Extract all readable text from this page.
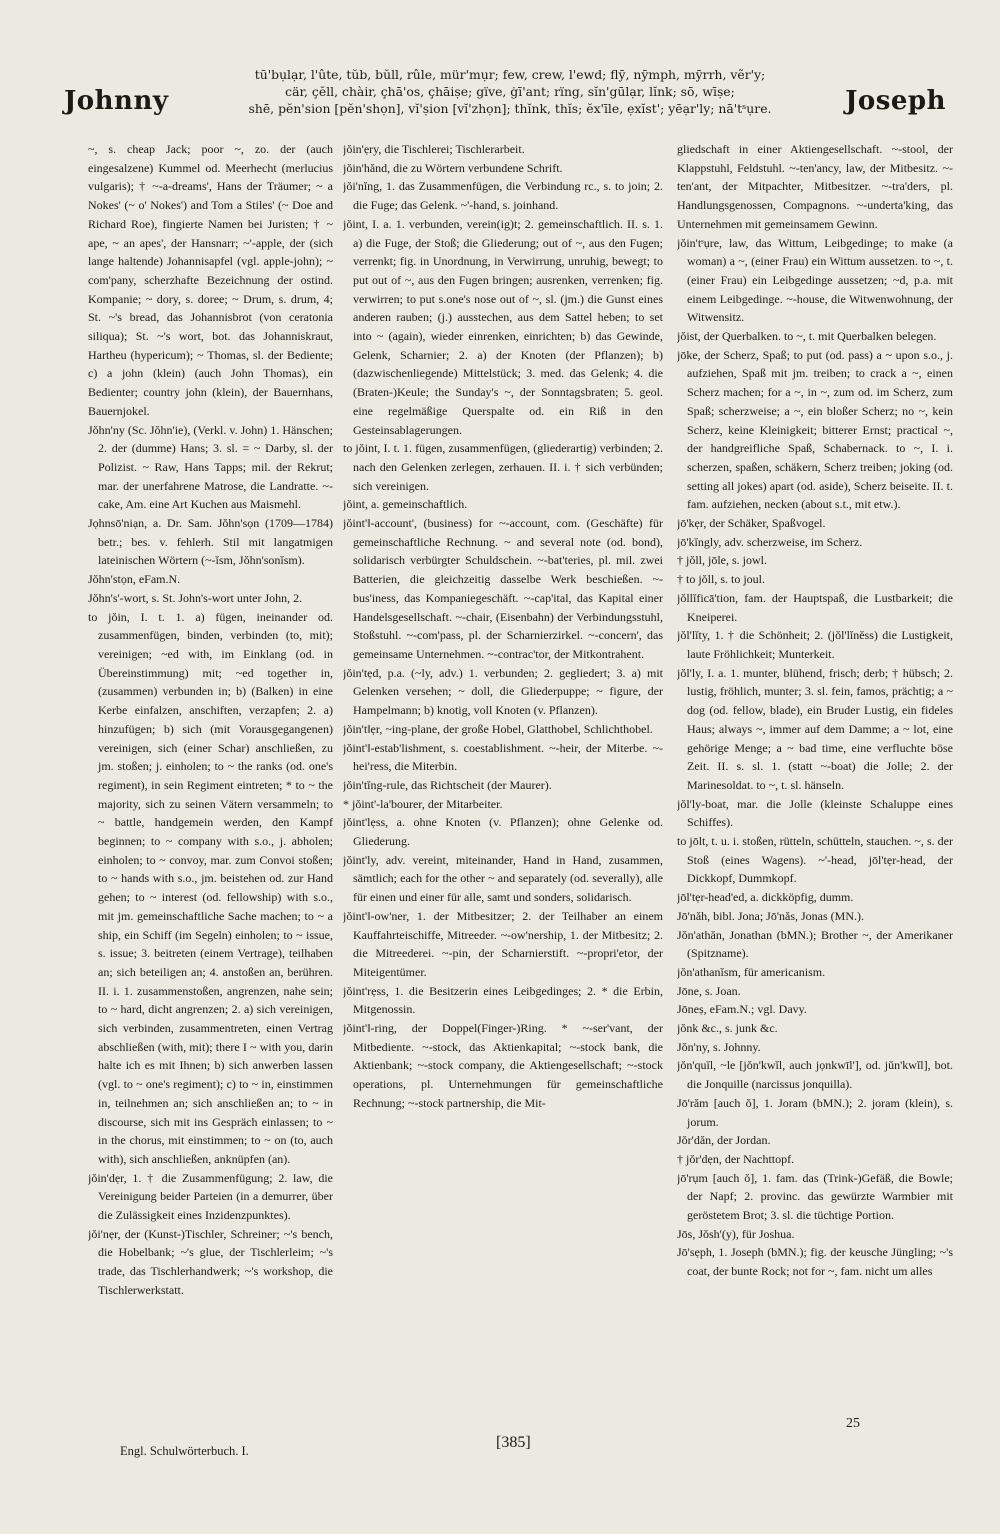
Johnny
tū'bụlạr, l'ûte, tŭb, bŭll, rûle, mür'mụr; few, crew, l'ewd; flȳ, nȳmph, mȳrrh, vẽr'y;
cär, çĕll, chàir, çhā'os, çhāiṣe; gïve, ġī'ant; rïng, sĭn'gūlạr, lĭnk; sō, wīṣe;
shē, pĕn'sion [pĕn'shọn], vĭ'ṣion [vĭ'zhọn]; thĭnk, thĭs; ĕx'īle, ẹxĭst'; yēạr'ly; nā'tˢụre.	Joseph

~, s. cheap Jack; poor ~, zo. der (auch eingesalzene) Kummel od. Meerhecht (merlucius vulgaris); † ~-a-dreams', Hans der Träumer; ~ a Nokes' (~ o' Nokes') and Tom a Stiles' (~ Doe and Richard Roe), fingierte Namen bei Juristen; † ~ ape, ~ an apes', der Hansnarr; ~'-apple, der (sich lange haltende) Johannisapfel (vgl. apple-john); ~ com'pany, scherzhafte Bezeichnung der ostind. Kompanie; ~ dory, s. doree; ~ Drum, s. drum, 4; St. ~'s bread, das Johannisbrot (von ceratonia siliqua); St. ~'s wort, bot. das Johanniskraut, Hartheu (hypericum); ~ Thomas, sl. der Bediente; c) a john (klein) (auch John Thomas), ein Bedienter; country john (klein), der Bauernhans, Bauernjokel.

Jŏhn'ny (Sc. Jŏhn'ie), (Verkl. v. John) 1. Hänschen; 2. der (dumme) Hans; 3. sl. = ~ Darby, sl. der Polizist. ~ Raw, Hans Tapps; mil. der Rekrut; mar. der unerfahrene Matrose, die Landratte. ~-cake, Am. eine Art Kuchen aus Maismehl.

Jọhnsō'niạn, a. Dr. Sam. Jŏhn'sọn (1709—1784) betr.; bes. v. fehlerh. Stil mit langatmigen lateinischen Wörtern (~-ĭsm, Jŏhn'sonĭsm).

Jŏhn'stọn, eFam.N.

Jŏhn's'-wort, s. St. John's-wort unter John, 2.

to jŏin, I. t. 1. a) fügen, ineinander od. zusammenfügen, binden, verbinden (to, mit); vereinigen; ~ed with, im Einklang (od. in Übereinstimmung) mit; ~ed together in, (zusammen) verbunden in; b) (Balken) in eine Kerbe einfalzen, anschiften, verzapfen; 2. a) hinzufügen; b) sich (mit Vorausgegangenen) vereinigen, sich (einer Schar) anschließen, zu jm. stoßen; j. einholen; to ~ the ranks (od. one's regiment), in sein Regiment eintreten; * to ~ the majority, sich zu seinen Vätern versammeln; to ~ battle, handgemein werden, den Kampf beginnen; to ~ company with s.o., j. abholen; einholen; to ~ convoy, mar. zum Convoi stoßen; to ~ hands with s.o., jm. beistehen od. zur Hand gehen; to ~ interest (od. fellowship) with s.o., mit jm. gemeinschaftliche Sache machen; to ~ a ship, ein Schiff (im Segeln) einholen; to ~ issue, s. issue; 3. beitreten (einem Vertrage), teilhaben an; sich beteiligen an; 4. anstoßen an, berühren. II. i. 1. zusammenstoßen, angrenzen, nahe sein; to ~ hard, dicht angrenzen; 2. a) sich vereinigen, sich verbinden, zusammentreten, einen Vertrag abschließen (with, mit); there I ~ with you, darin halte ich es mit Ihnen; b) sich anwerben lassen (vgl. to ~ one's regiment); c) to ~ in, einstimmen in, teilnehmen an; sich anschließen an; to ~ in discourse, sich mit ins Gespräch einlassen; to ~ in the chorus, mit einstimmen; to ~ on (to, auch with), sich anschließen, anknüpfen (an).

jŏin'dẹr, 1. † die Zusammenfügung; 2. law, die Vereinigung beider Parteien (in a demurrer, über die Zulässigkeit eines Inzidenzpunktes).

jŏi'nẹr, der (Kunst-)Tischler, Schreiner; ~'s bench, die Hobelbank; ~'s glue, der Tischlerleim; ~'s trade, das Tischlerhandwerk; ~'s workshop, die Tischlerwerkstatt.

jŏin'ẹry, die Tischlerei; Tischlerarbeit.

jŏin'hănd, die zu Wörtern verbundene Schrift.

jŏi'nĭng, 1. das Zusammenfügen, die Verbindung rc., s. to join; 2. die Fuge; das Gelenk. ~'-hand, s. joinhand.

jŏint, I. a. 1. verbunden, verein(ig)t; 2. gemeinschaftlich. II. s. 1. a) die Fuge, der Stoß; die Gliederung; out of ~, aus den Fugen; verrenkt; fig. in Unordnung, in Verwirrung, unruhig, bewegt; to put out of ~, aus den Fugen bringen; ausrenken, verrenken; fig. verwirren; to put s.one's nose out of ~, sl. (jm.) die Gunst eines anderen rauben; (j.) ausstechen, aus dem Sattel heben; to set into ~ (again), wieder einrenken, einrichten; b) das Gewinde, Gelenk, Scharnier; 2. a) der Knoten (der Pflanzen); b) (dazwischenliegende) Mittelstück; 3. med. das Gelenk; 4. die (Braten-)Keule; the Sunday's ~, der Sonntagsbraten; 5. geol. eine regelmäßige Querspalte od. ein Riß in den Gesteinsablagerungen.

to jŏint, I. t. 1. fügen, zusammenfügen, (gliederartig) verbinden; 2. nach den Gelenken zerlegen, zerhauen. II. i. † sich verbünden; sich vereinigen.

jŏint, a. gemeinschaftlich.

jŏint'‖-account', (business) for ~-account, com. (Geschäfte) für gemeinschaftliche Rechnung. ~ and several note (od. bond), solidarisch verbürgter Schuldschein. ~-bat'teries, pl. mil. zwei Batterien, die gleichzeitig dasselbe Werk beschießen. ~-bus'iness, das Kompaniegeschäft. ~-cap'ital, das Kapital einer Handelsgesellschaft. ~-chair, (Eisenbahn) der Verbindungsstuhl, Stoßstuhl. ~-com'pass, pl. der Scharnierzirkel. ~-concern', das gemeinsame Unternehmen. ~-contrac'tor, der Mitkontrahent.

jŏin'tẹd, p.a. (~ly, adv.) 1. verbunden; 2. gegliedert; 3. a) mit Gelenken versehen; ~ doll, die Gliederpuppe; ~ figure, der Hampelmann; b) knotig, voll Knoten (v. Pflanzen).

jŏin't‖ẹr, ~ing-plane, der große Hobel, Glatthobel, Schlichthobel.

jŏint'‖-estab'lishment, s. coestablishment. ~-heir, der Miterbe. ~-hei'ress, die Miterbin.

jŏin'tĭng-rule, das Richtscheit (der Maurer).

* jŏint'-la'bourer, der Mitarbeiter.

jŏint'lẹss, a. ohne Knoten (v. Pflanzen); ohne Gelenke od. Gliederung.

jŏint'ly, adv. vereint, miteinander, Hand in Hand, zusammen, sämtlich; each for the other ~ and separately (od. severally), alle für einen und einer für alle, samt und sonders, solidarisch.

jŏint'‖-ow'ner, 1. der Mitbesitzer; 2. der Teilhaber an einem Kauffahrteischiffe, Mitreeder. ~-ow'nership, 1. der Mitbesitz; 2. die Mitreederei. ~-pin, der Scharnierstift. ~-propri'etor, der Miteigentümer.

jŏint'rẹss, 1. die Besitzerin eines Leibgedinges; 2. * die Erbin, Mitgenossin.

jŏint'‖-ring, der Doppel(Finger-)Ring. * ~-ser'vant, der Mitbediente. ~-stock, das Aktienkapital; ~-stock bank, die Aktienbank; ~-stock company, die Aktiengesellschaft; ~-stock operations, pl. Unternehmungen für gemeinschaftliche Rechnung; ~-stock partnership, die Mit-

gliedschaft in einer Aktiengesellschaft. ~-stool, der Klappstuhl, Feldstuhl. ~-ten'ancy, law, der Mitbesitz. ~-ten'ant, der Mitpachter, Mitbesitzer. ~-tra'ders, pl. Handlungsgenossen, Compagnons. ~-underta'king, das Unternehmen mit gemeinsamem Gewinn.

jŏin'tˢụre, law, das Wittum, Leibgedinge; to make (a woman) a ~, (einer Frau) ein Wittum aussetzen. to ~, t. (einer Frau) ein Leibgedinge aussetzen; ~d, p.a. mit einem Leibgedinge. ~-house, die Witwenwohnung, der Witwensitz.

jŏist, der Querbalken. to ~, t. mit Querbalken belegen.

jōke, der Scherz, Spaß; to put (od. pass) a ~ upon s.o., j. aufziehen, Spaß mit jm. treiben; to crack a ~, einen Scherz machen; for a ~, in ~, zum od. im Scherz, zum Spaß; scherzweise; a ~, ein bloßer Scherz; no ~, kein Scherz, keine Kleinigkeit; bitterer Ernst; practical ~, der handgreifliche Spaß, Schabernack. to ~, I. i. scherzen, spaßen, schäkern, Scherz treiben; joking (od. setting all jokes) apart (od. aside), Scherz beiseite. II. t. fam. aufziehen, necken (about s.t., mit etw.).

jō'kẹr, der Schäker, Spaßvogel.

jō'kĭngly, adv. scherzweise, im Scherz.

† jŏll, jōle, s. jowl.

† to jŏll, s. to joul.

jŏllĭficā'tion, fam. der Hauptspaß, die Lustbarkeit; die Kneiperei.

jŏl'lĭty, 1. † die Schönheit; 2. (jŏl'lĭnĕss) die Lustigkeit, laute Fröhlichkeit; Munterkeit.

jŏl'ly, I. a. 1. munter, blühend, frisch; derb; † hübsch; 2. lustig, fröhlich, munter; 3. sl. fein, famos, prächtig; a ~ dog (od. fellow, blade), ein Bruder Lustig, ein fideles Haus; always ~, immer auf dem Damme; a ~ lot, eine gehörige Menge; a ~ bad time, eine verfluchte böse Zeit. II. s. sl. 1. (statt ~-boat) die Jolle; 2. der Marinesoldat. to ~, t. sl. hänseln.

jŏl'ly-boat, mar. die Jolle (kleinste Schaluppe eines Schiffes).

to jōlt, t. u. i. stoßen, rütteln, schütteln, stauchen. ~, s. der Stoß (eines Wagens). ~'-head, jōl'tẹr-head, der Dickkopf, Dummkopf.

jōl'tẹr-head'ed, a. dickköpfig, dumm.

Jō'năh, bibl. Jona; Jō'năs, Jonas (MN.).

Jŏn'athăn, Jonathan (bMN.); Brother ~, der Amerikaner (Spitzname).

jŏn'athanĭsm, für americanism.

Jōne, s. Joan.

Jōneṣ, eFam.N.; vgl. Davy.

jŏnk &c., s. junk &c.

Jŏn'ny, s. Johnny.

jŏn'quĭl, ~le [jŏn'kwĭl, auch jọnkwīl'], od. jŭn'kwĭl], bot. die Jonquille (narcissus jonquilla).

Jō'răm [auch ŏ], 1. Joram (bMN.); 2. joram (klein), s. jorum.

Jŏr'dăn, der Jordan.

† jŏr'dẹn, der Nachttopf.

jō'rụm [auch ŏ], 1. fam. das (Trink-)Gefäß, die Bowle; der Napf; 2. provinc. das gewürzte Warmbier mit geröstetem Brot; 3. sl. die tüchtige Portion.

Jōs, Jŏsh'(y), für Joshua.

Jō'sẹph, 1. Joseph (bMN.); fig. der keusche Jüngling; ~'s coat, der bunte Rock; not for ~, fam. nicht um alles

Engl. Schulwörterbuch. I.	[385]
25
